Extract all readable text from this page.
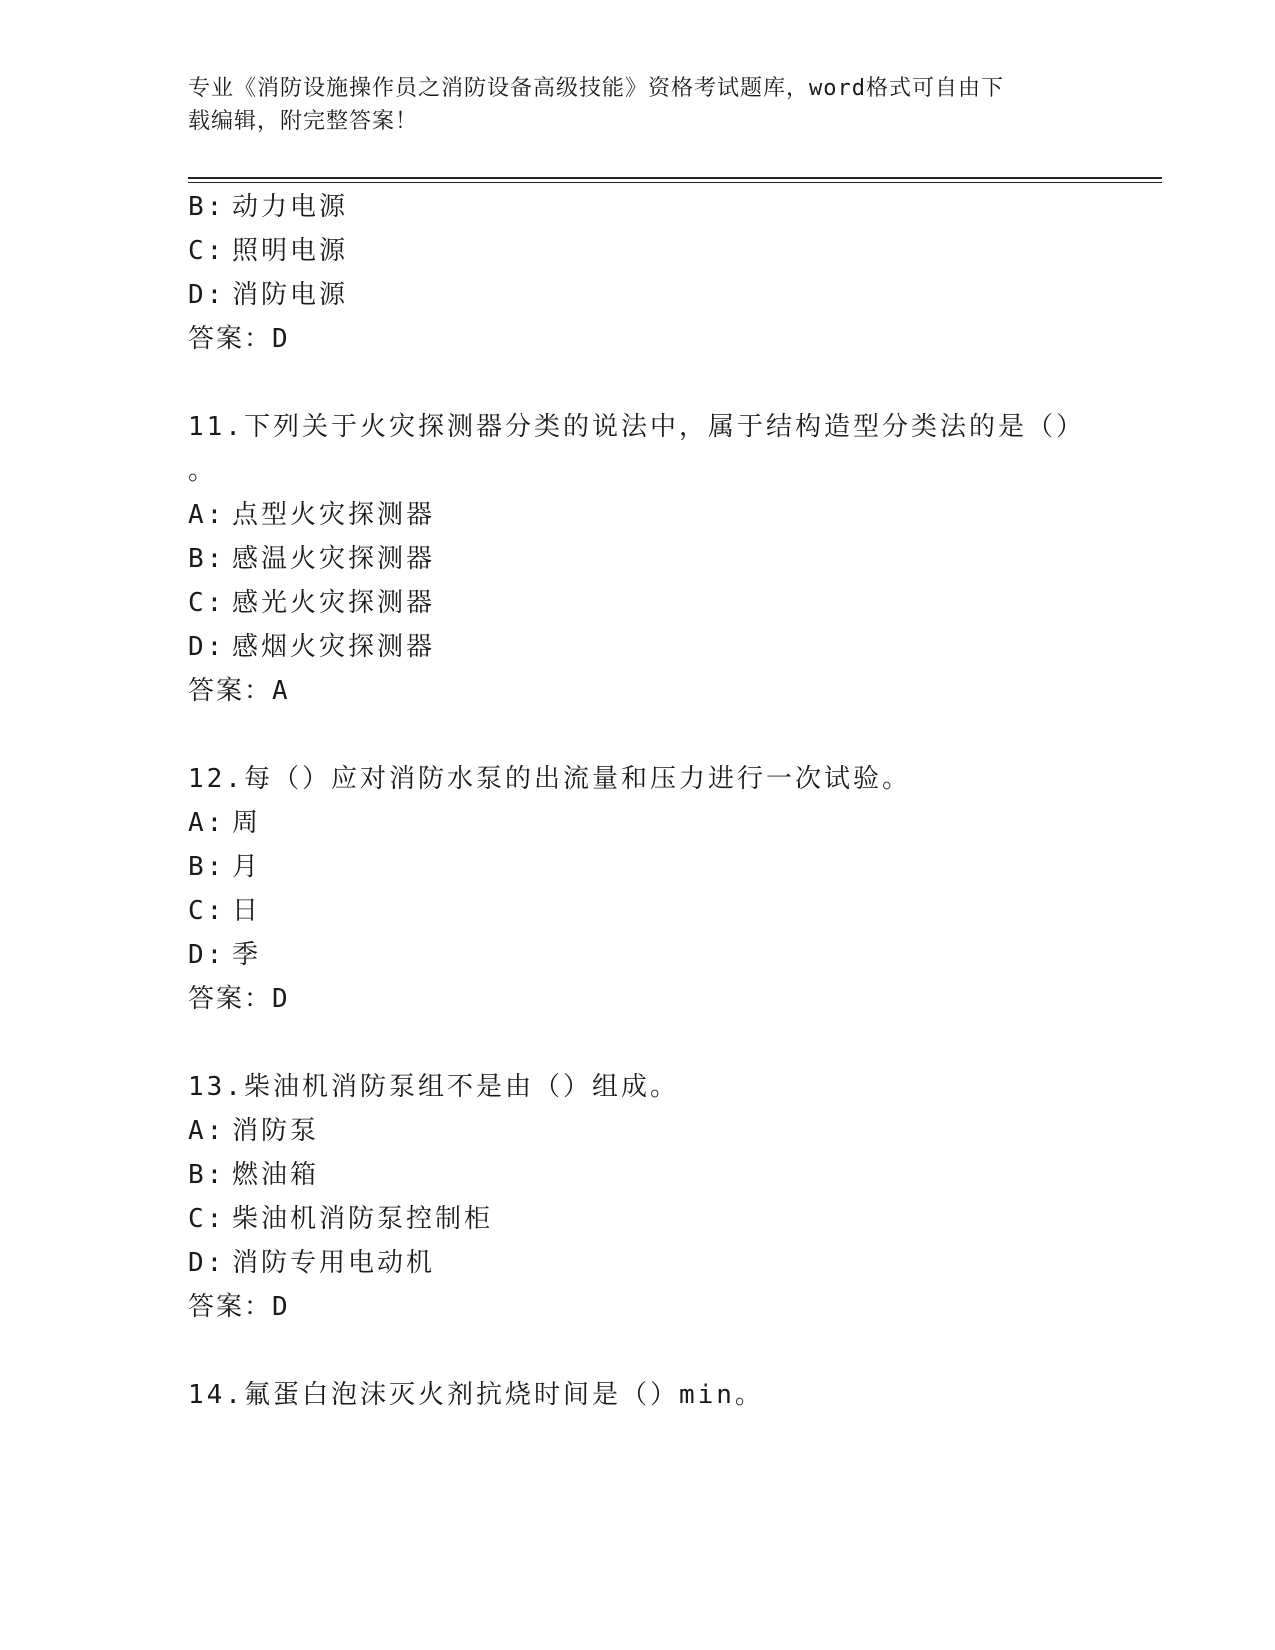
专业《消防设施操作员之消防设备高级技能》资格考试题库，word格式可自由下
载编辑，附完整答案！
B: 动力电源
C: 照明电源
D: 消防电源
答案：D
11.下列关于火灾探测器分类的说法中，属于结构造型分类法的是（）
。
A: 点型火灾探测器
B: 感温火灾探测器
C: 感光火灾探测器
D: 感烟火灾探测器
答案：A
12.每（）应对消防水泵的出流量和压力进行一次试验。
A: 周
B: 月
C: 日
D: 季
答案：D
13.柴油机消防泵组不是由（）组成。
A: 消防泵
B: 燃油箱
C: 柴油机消防泵控制柜
D: 消防专用电动机
答案：D
14.氟蛋白泡沫灭火剂抗烧时间是（）min。
